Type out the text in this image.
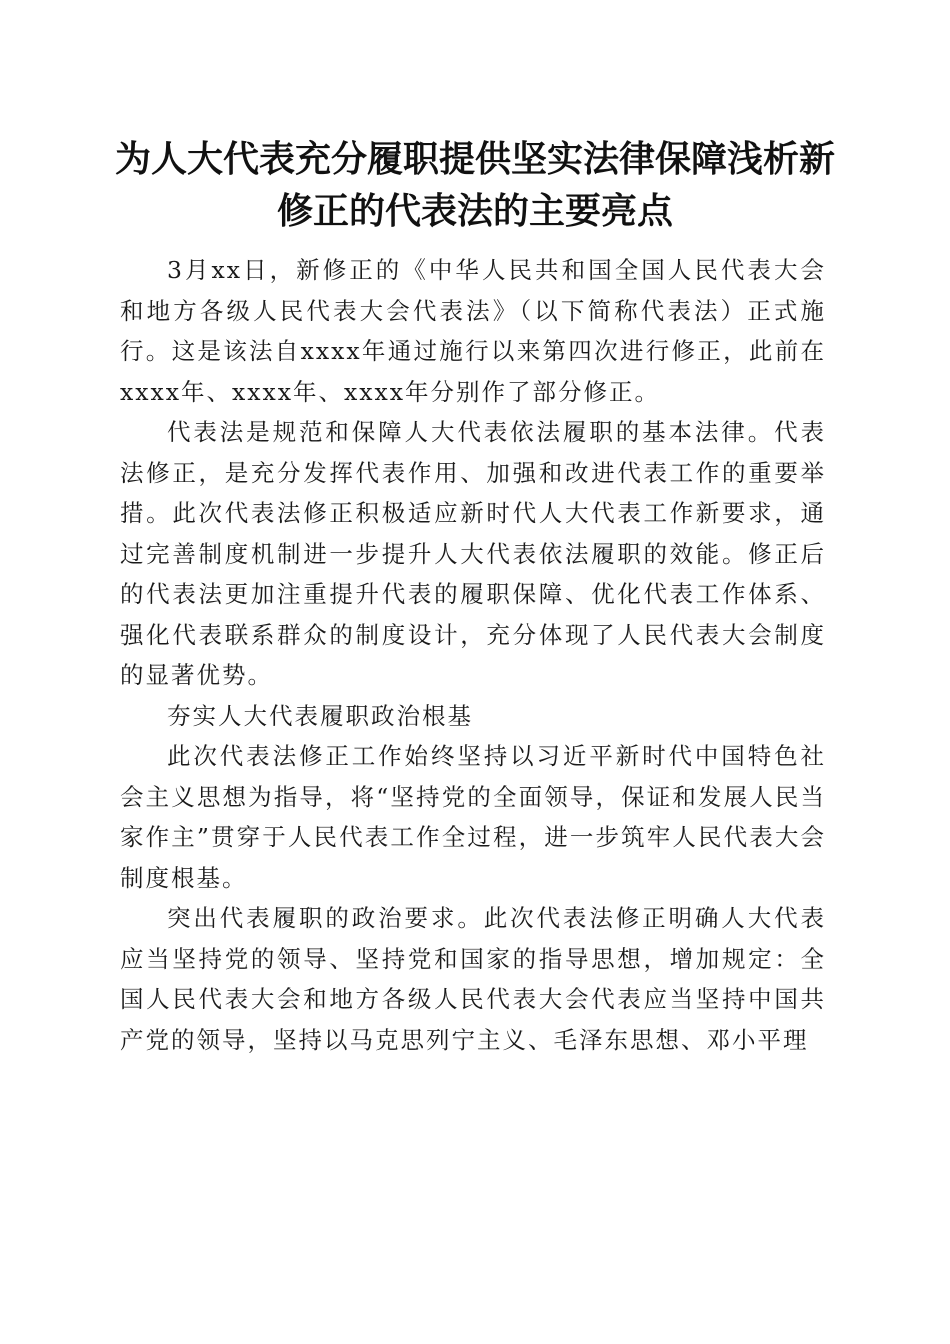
为人大代表充分履职提供坚实法律保障浅析新修正的代表法的主要亮点

3月xx日，新修正的《中华人民共和国全国人民代表大会和地方各级人民代表大会代表法》（以下简称代表法）正式施行。这是该法自xxxx年通过施行以来第四次进行修正，此前在xxxx年、xxxx年、xxxx年分别作了部分修正。

代表法是规范和保障人大代表依法履职的基本法律。代表法修正，是充分发挥代表作用、加强和改进代表工作的重要举措。此次代表法修正积极适应新时代人大代表工作新要求，通过完善制度机制进一步提升人大代表依法履职的效能。修正后的代表法更加注重提升代表的履职保障、优化代表工作体系、强化代表联系群众的制度设计，充分体现了人民代表大会制度的显著优势。

夯实人大代表履职政治根基

此次代表法修正工作始终坚持以习近平新时代中国特色社会主义思想为指导，将“坚持党的全面领导，保证和发展人民当家作主”贯穿于人民代表工作全过程，进一步筑牢人民代表大会制度根基。

突出代表履职的政治要求。此次代表法修正明确人大代表应当坚持党的领导、坚持党和国家的指导思想，增加规定：全国人民代表大会和地方各级人民代表大会代表应当坚持中国共产党的领导，坚持以马克思列宁主义、毛泽东思想、邓小平理
